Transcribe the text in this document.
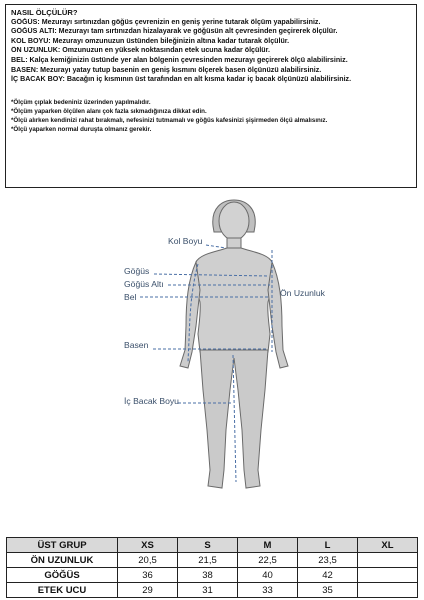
NASIL ÖLÇÜLÜR?
GÖĞÜS: Mezurayı sırtınızdan göğüs çevrenizin en geniş yerine tutarak ölçüm yapabilirsiniz.
GÖĞÜS ALTI: Mezurayı tam sırtınızdan hizalayarak ve göğüsün alt çevresinden geçirerek ölçülür.
KOL BOYU: Mezurayı omzunuzun üstünden bileğinizin altına kadar tutarak ölçülür.
ÖN UZUNLUK: Omzunuzun en yüksek noktasından etek ucuna kadar ölçülür.
BEL: Kalça kemiğinizin üstünde yer alan bölgenin çevresinden mezurayı geçirerek ölçü alabilirsiniz.
BASEN: Mezurayı yatay tutup basenin en geniş kısmını ölçerek basen ölçünüzü alabilirsiniz.
İÇ BACAK BOY: Bacağın iç kısmının üst tarafından en alt kısma kadar iç bacak ölçünüzü alabilirsiniz.
*Ölçüm çıplak bedeniniz üzerinden yapılmalıdır.
*Ölçüm yaparken ölçülen alanı çok fazla sıkmadığınıza dikkat edin.
*Ölçü alırken kendinizi rahat bırakmalı, nefesinizi tutmamalı ve göğüs kafesinizi şişirmeden ölçü almalısınız.
*Ölçü yaparken normal duruşta olmanız gerekir.
Kol Boyu
Göğüs
Göğüs Altı
Bel
Basen
İç Bacak Boyu
Ön Uzunluk
ÜST GRUP	XS	S	M	L	XL
ÖN UZUNLUK	20,5	21,5	22,5	23,5	
GÖĞÜS	36	38	40	42	
ETEK UCU	29	31	33	35	
